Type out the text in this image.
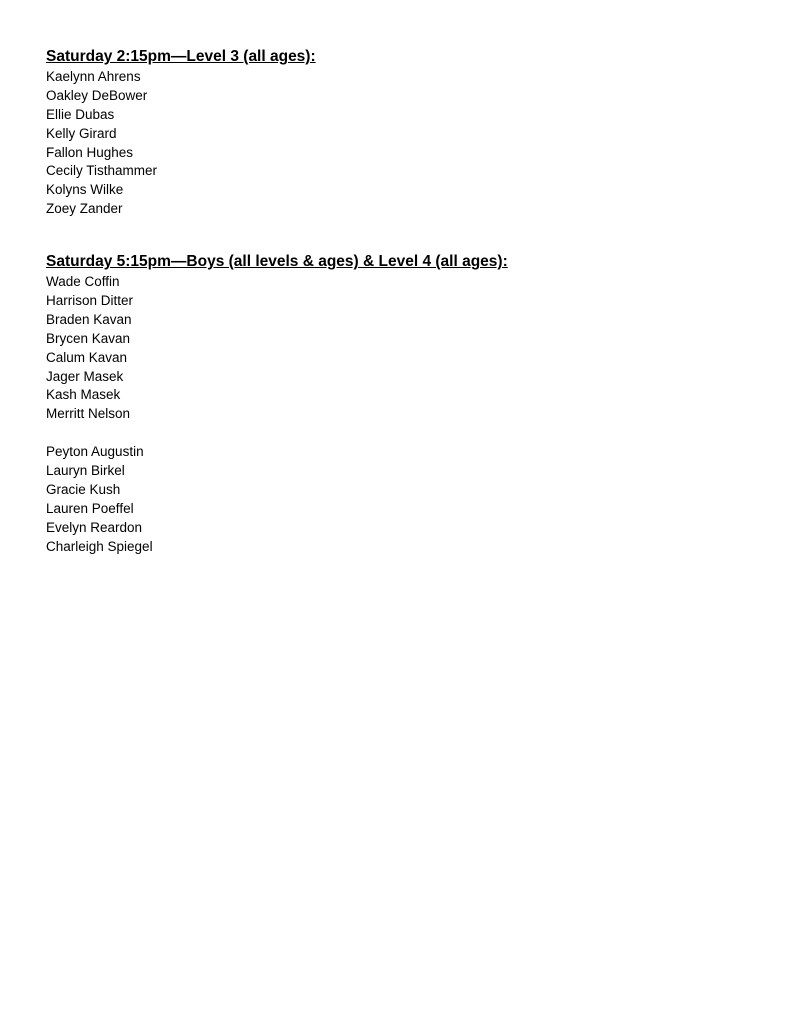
Saturday 2:15pm—Level 3 (all ages):
Kaelynn Ahrens
Oakley DeBower
Ellie Dubas
Kelly Girard
Fallon Hughes
Cecily Tisthammer
Kolyns Wilke
Zoey Zander
Saturday 5:15pm—Boys (all levels & ages) & Level 4 (all ages):
Wade Coffin
Harrison Ditter
Braden Kavan
Brycen Kavan
Calum Kavan
Jager Masek
Kash Masek
Merritt Nelson
Peyton Augustin
Lauryn Birkel
Gracie Kush
Lauren Poeffel
Evelyn Reardon
Charleigh Spiegel
